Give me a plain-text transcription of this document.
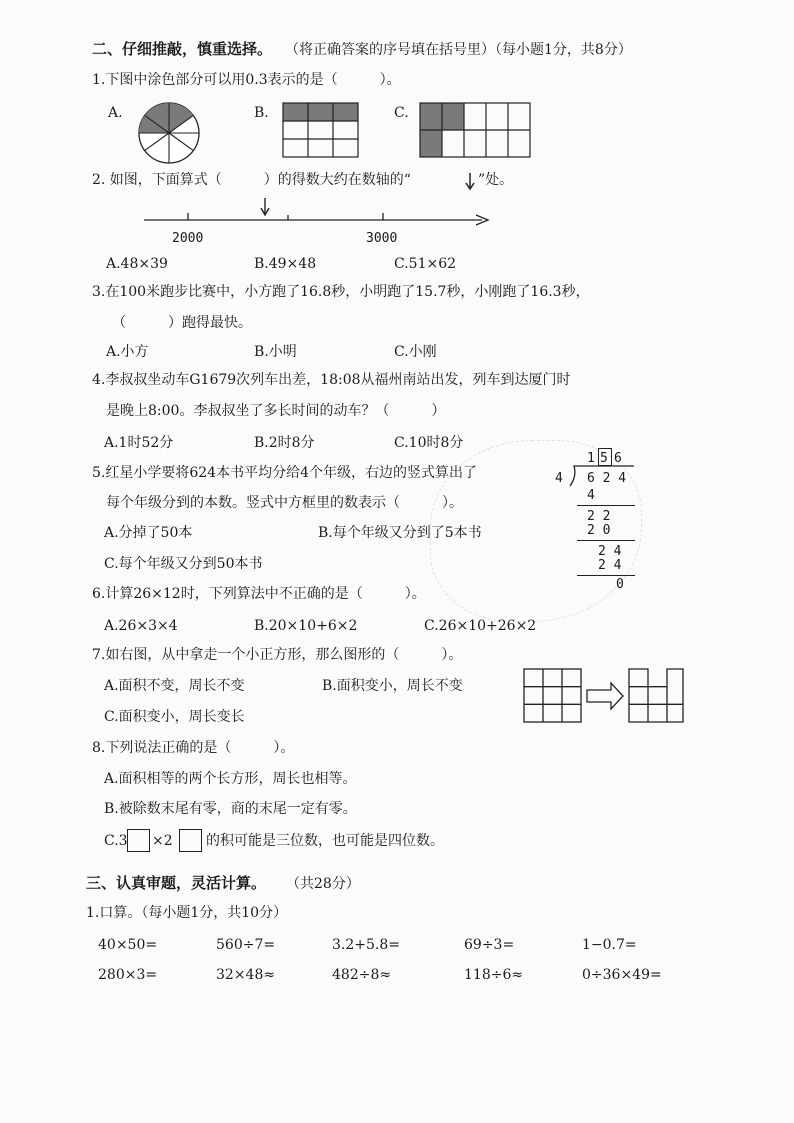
二、仔细推敲，慎重选择。 （将正确答案的序号填在括号里）（每小题1分，共8分）
1.下图中涂色部分可以用0.3表示的是（　　　）。
A.	B.	C.
2. 如图，下面算式（　　　）的得数大约在数轴的“	”处。
2000	3000
A.48×39	B.49×48	C.51×62
3.在100米跑步比赛中，小方跑了16.8秒，小明跑了15.7秒，小刚跑了16.3秒，
（　　　）跑得最快。
A.小方	B.小明	C.小刚
4.李叔叔坐动车G1679次列车出差，18:08从福州南站出发，列车到达厦门时
是晚上8:00。李叔叔坐了多长时间的动车？（　　　）
A.1时52分	B.2时8分	C.10时8分
5.红星小学要将624本书平均分给4个年级，右边的竖式算出了
每个年级分到的本数。竖式中方框里的数表示（　　　）。
A.分掉了50本	B.每个年级又分到了5本书
C.每个年级又分到50本书
1 5 6
4 6 2 4
4
2 2
2 0
2 4
2 4
0
6.计算26×12时，下列算法中不正确的是（　　　）。
A.26×3×4	B.20×10+6×2	C.26×10+26×2
7.如右图，从中拿走一个小正方形，那么图形的（　　　）。
A.面积不变，周长不变	B.面积变小，周长不变
C.面积变小，周长变长
8.下列说法正确的是（　　　）。
A.面积相等的两个长方形，周长也相等。
B.被除数末尾有零，商的末尾一定有零。
C.3 ×2 的积可能是三位数，也可能是四位数。
三、认真审题，灵活计算。 （共28分）
1.口算。（每小题1分，共10分）
40×50=	560÷7=	3.2+5.8=	69÷3=	1−0.7=
280×3=	32×48≈	482÷8≈	118÷6≈	0÷36×49=
